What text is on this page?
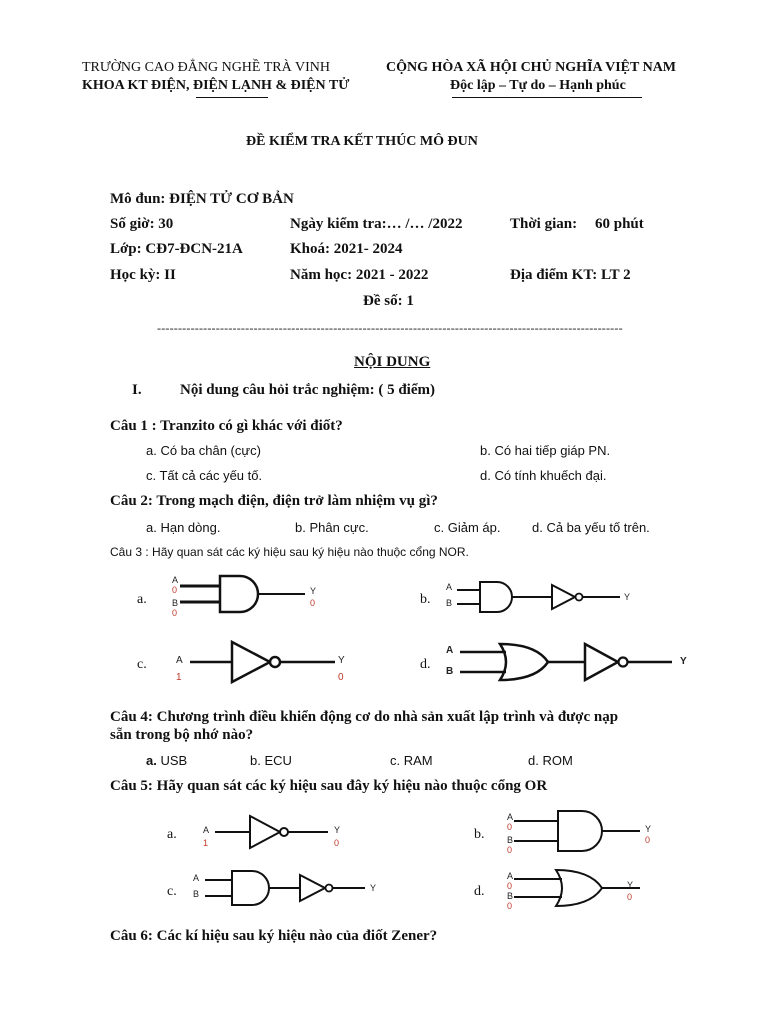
TRƯỜNG CAO ĐẲNG NGHỀ TRÀ VINH
KHOA KT ĐIỆN, ĐIỆN LẠNH & ĐIỆN TỬ
CỘNG HÒA XÃ HỘI CHỦ NGHĨA VIỆT NAM
Độc lập – Tự do – Hạnh phúc
ĐỀ KIỂM TRA KẾT THÚC MÔ ĐUN
Mô đun: ĐIỆN TỬ CƠ BẢN
Số giờ: 30	Ngày kiểm tra:… /… /2022	Thời gian: 60 phút
Lớp: CĐ7-ĐCN-21A	Khoá: 2021- 2024
Học kỳ: II	Năm học: 2021 - 2022	Địa điểm KT: LT 2
Đề số: 1
---------------------------------------------------------------------------------------------------------------
NỘI DUNG
I.	Nội dung câu hỏi trắc nghiệm: ( 5 điểm)
Câu 1 : Tranzito có gì khác với điốt?
a. Có ba chân (cực)	b. Có hai tiếp giáp PN.
c. Tất cả các yếu tố.	d. Có tính khuếch đại.
Câu 2: Trong mạch điện, điện trở làm nhiệm vụ gì?
a. Hạn dòng.	b. Phân cực.	c. Giảm áp. d. Cả ba yếu tố trên.
Câu 3 : Hãy quan sát các ký hiệu sau ký hiệu nào thuộc cổng NOR.
a.
A
0
B
0
Y
0	b.
A
B
Y
c.	A
1
Y
0
d.
A
B
Y
Câu 4: Chương trình điều khiển động cơ do nhà sản xuất lập trình và được nạp
sẵn trong bộ nhớ nào?
a. USB	b. ECU	c. RAM	d. ROM
Câu 5: Hãy quan sát các ký hiệu sau đây ký hiệu nào thuộc cổng OR
a.	A
1
Y
0
b.
A
0
B
0
Y
0
c.
A
B
Y	d.
A
0
B
0
Y
0
Câu 6: Các kí hiệu sau ký hiệu nào của điốt Zener?
